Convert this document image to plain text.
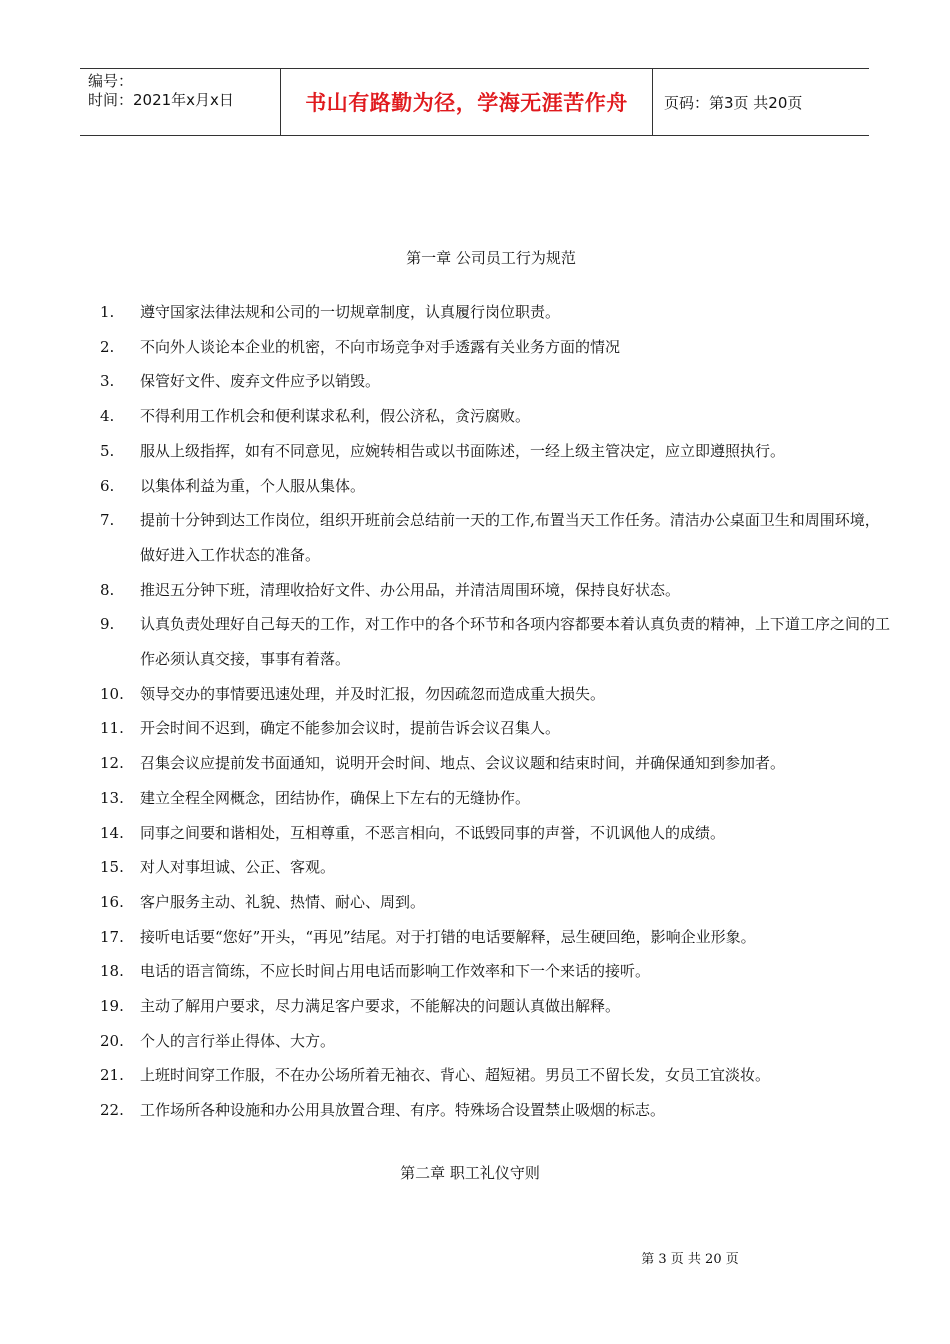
编号：
时间：2021年x月x日	书山有路勤为径，学海无涯苦作舟	页码：第3页 共20页
第一章 公司员工行为规范
1.	遵守国家法律法规和公司的一切规章制度，认真履行岗位职责。
2.	不向外人谈论本企业的机密，不向市场竞争对手透露有关业务方面的情况
3.	保管好文件、废弃文件应予以销毁。
4.	不得利用工作机会和便利谋求私利，假公济私，贪污腐败。
5.	服从上级指挥，如有不同意见，应婉转相告或以书面陈述，一经上级主管决定，应立即遵照执行。
6.	以集体利益为重，个人服从集体。
7.	提前十分钟到达工作岗位，组织开班前会总结前一天的工作,布置当天工作任务。清洁办公桌面卫生和周围环境，做好进入工作状态的准备。
8.	推迟五分钟下班，清理收拾好文件、办公用品，并清洁周围环境，保持良好状态。
9.	认真负责处理好自己每天的工作，对工作中的各个环节和各项内容都要本着认真负责的精神，上下道工序之间的工作必须认真交接，事事有着落。
10.	领导交办的事情要迅速处理，并及时汇报，勿因疏忽而造成重大损失。
11.	开会时间不迟到，确定不能参加会议时，提前告诉会议召集人。
12.	召集会议应提前发书面通知，说明开会时间、地点、会议议题和结束时间，并确保通知到参加者。
13.	建立全程全网概念，团结协作，确保上下左右的无缝协作。
14.	同事之间要和谐相处，互相尊重，不恶言相向，不诋毁同事的声誉，不讥讽他人的成绩。
15.	对人对事坦诚、公正、客观。
16.	客户服务主动、礼貌、热情、耐心、周到。
17.	接听电话要“您好”开头，“再见”结尾。对于打错的电话要解释，忌生硬回绝，影响企业形象。
18.	电话的语言简练，不应长时间占用电话而影响工作效率和下一个来话的接听。
19.	主动了解用户要求，尽力满足客户要求，不能解决的问题认真做出解释。
20.	个人的言行举止得体、大方。
21.	上班时间穿工作服，不在办公场所着无袖衣、背心、超短裙。男员工不留长发，女员工宜淡妆。
22.	工作场所各种设施和办公用具放置合理、有序。特殊场合设置禁止吸烟的标志。
第二章 职工礼仪守则
第 3 页 共 20 页
